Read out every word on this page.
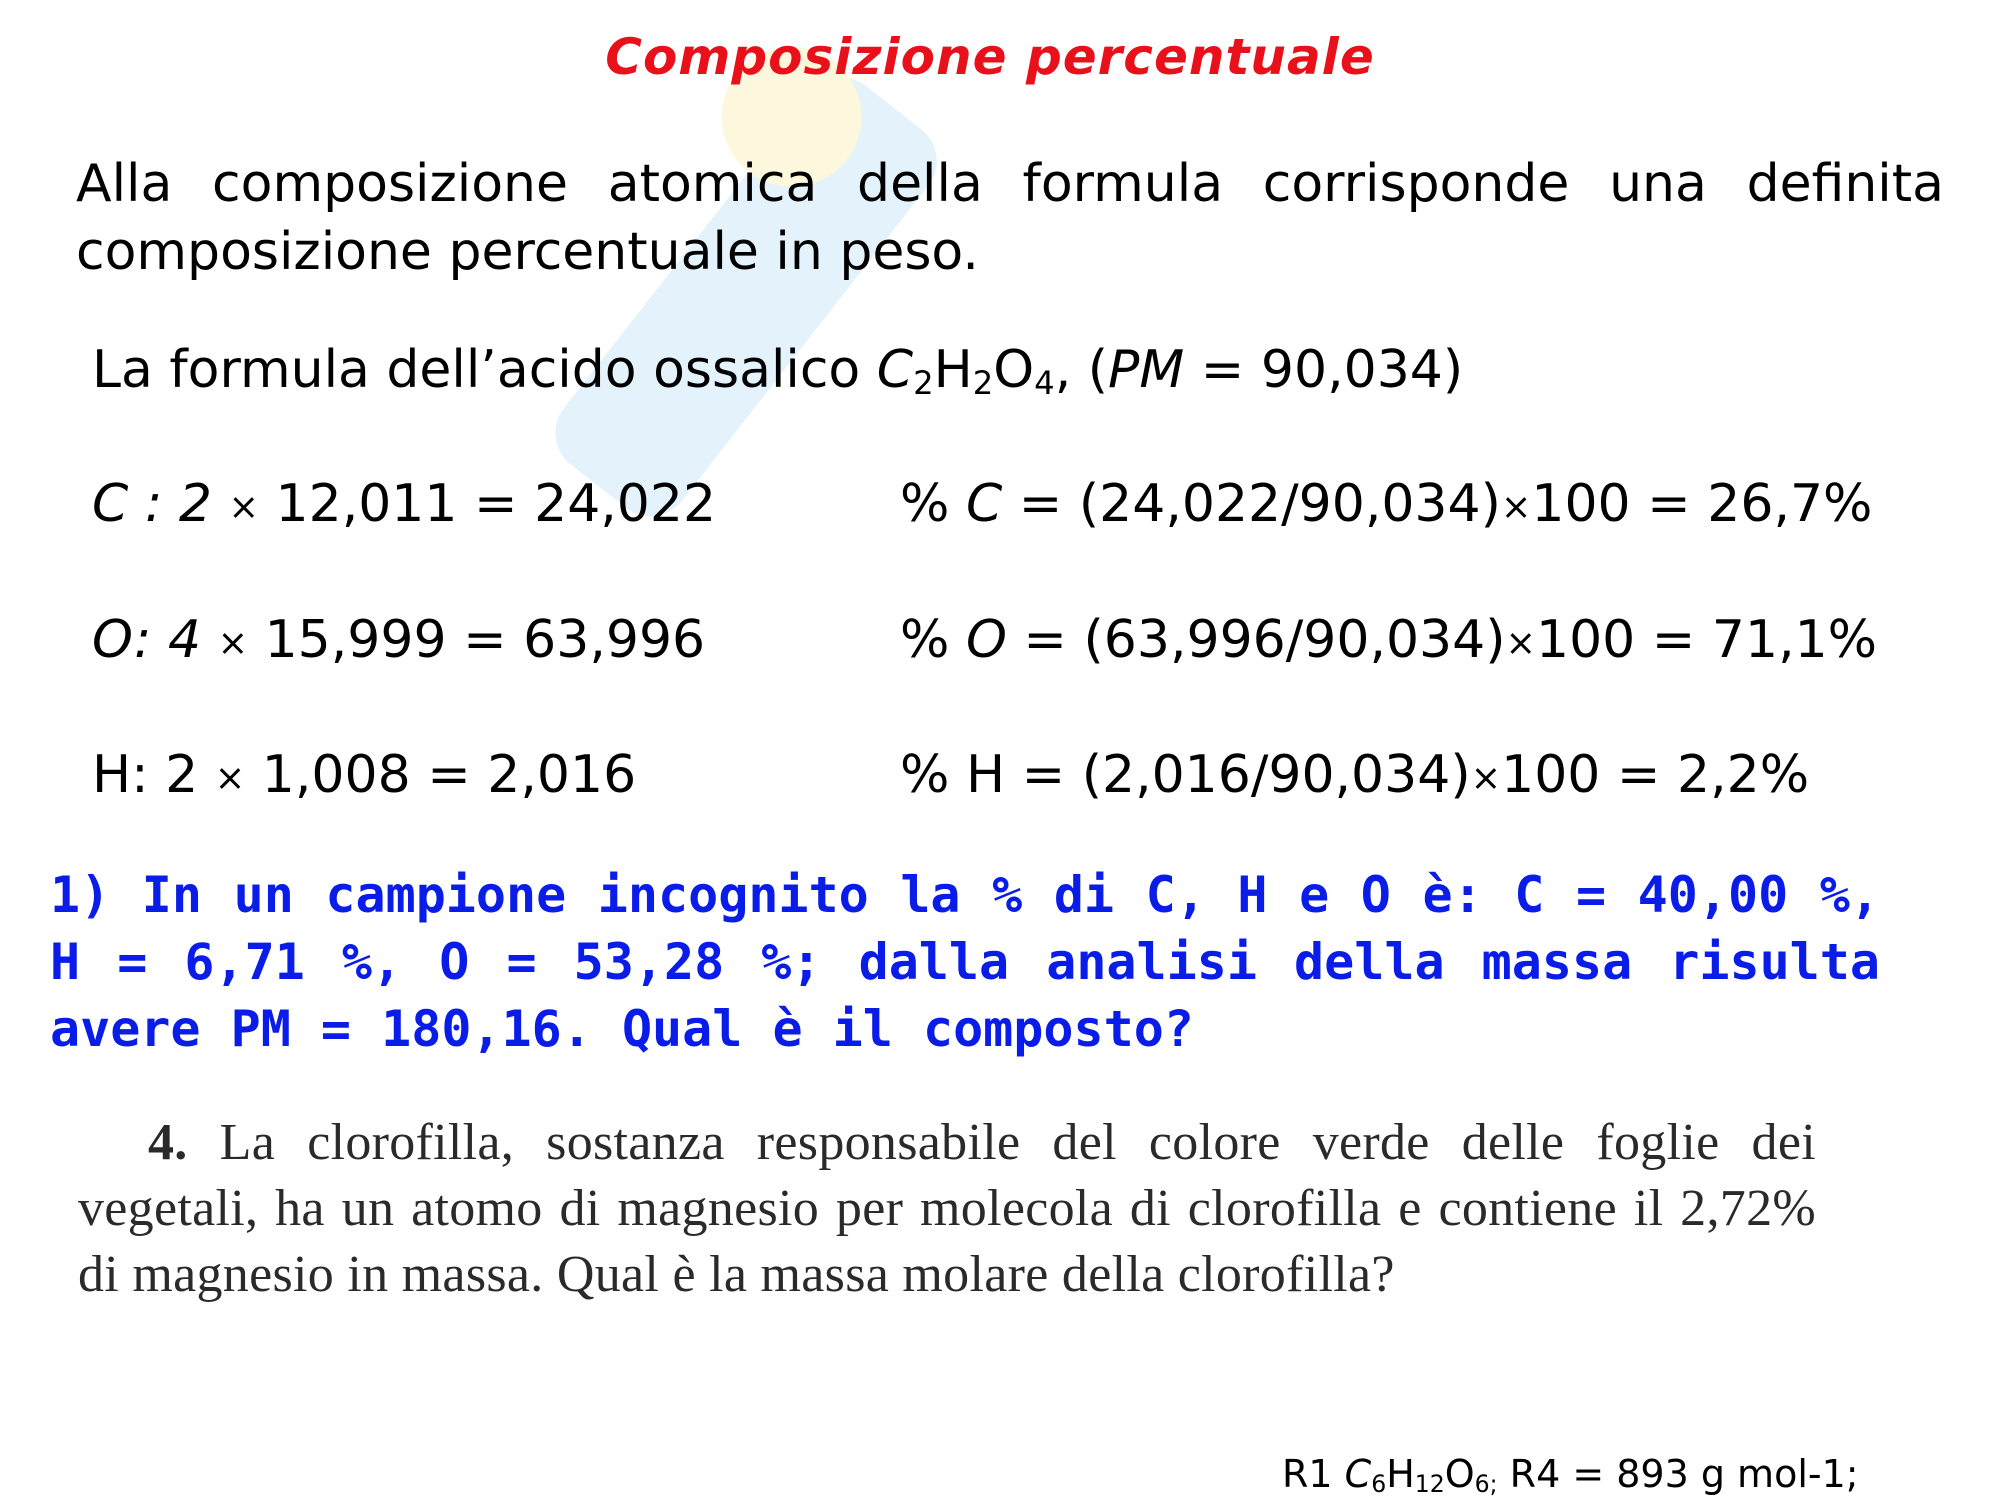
Composizione percentuale
Alla composizione atomica della formula corrisponde una definita composizione percentuale in peso.
La formula dell’acido ossalico $C_2H_2O_4$, (PM = 90,034)
C : 2 × 12,011 = 24,022	% C = (24,022/90,034)×100 = 26,7%
O: 4 × 15,999 = 63,996	% O = (63,996/90,034)×100 = 71,1%
H: 2 × 1,008 = 2,016	% H = (2,016/90,034)×100 = 2,2%
1) In un campione incognito la % di C, H e O è: C = 40,00 %, H = 6,71 %, O = 53,28 %; dalla analisi della massa risulta avere PM = 180,16. Qual è il composto?
4. La clorofilla, sostanza responsabile del colore verde delle foglie dei vegetali, ha un atomo di magnesio per molecola di clorofilla e contiene il 2,72% di magnesio in massa. Qual è la massa molare della clorofilla?
R1 $C_6H_{12}O_{6;}$ R4 = 893 g mol-1;
